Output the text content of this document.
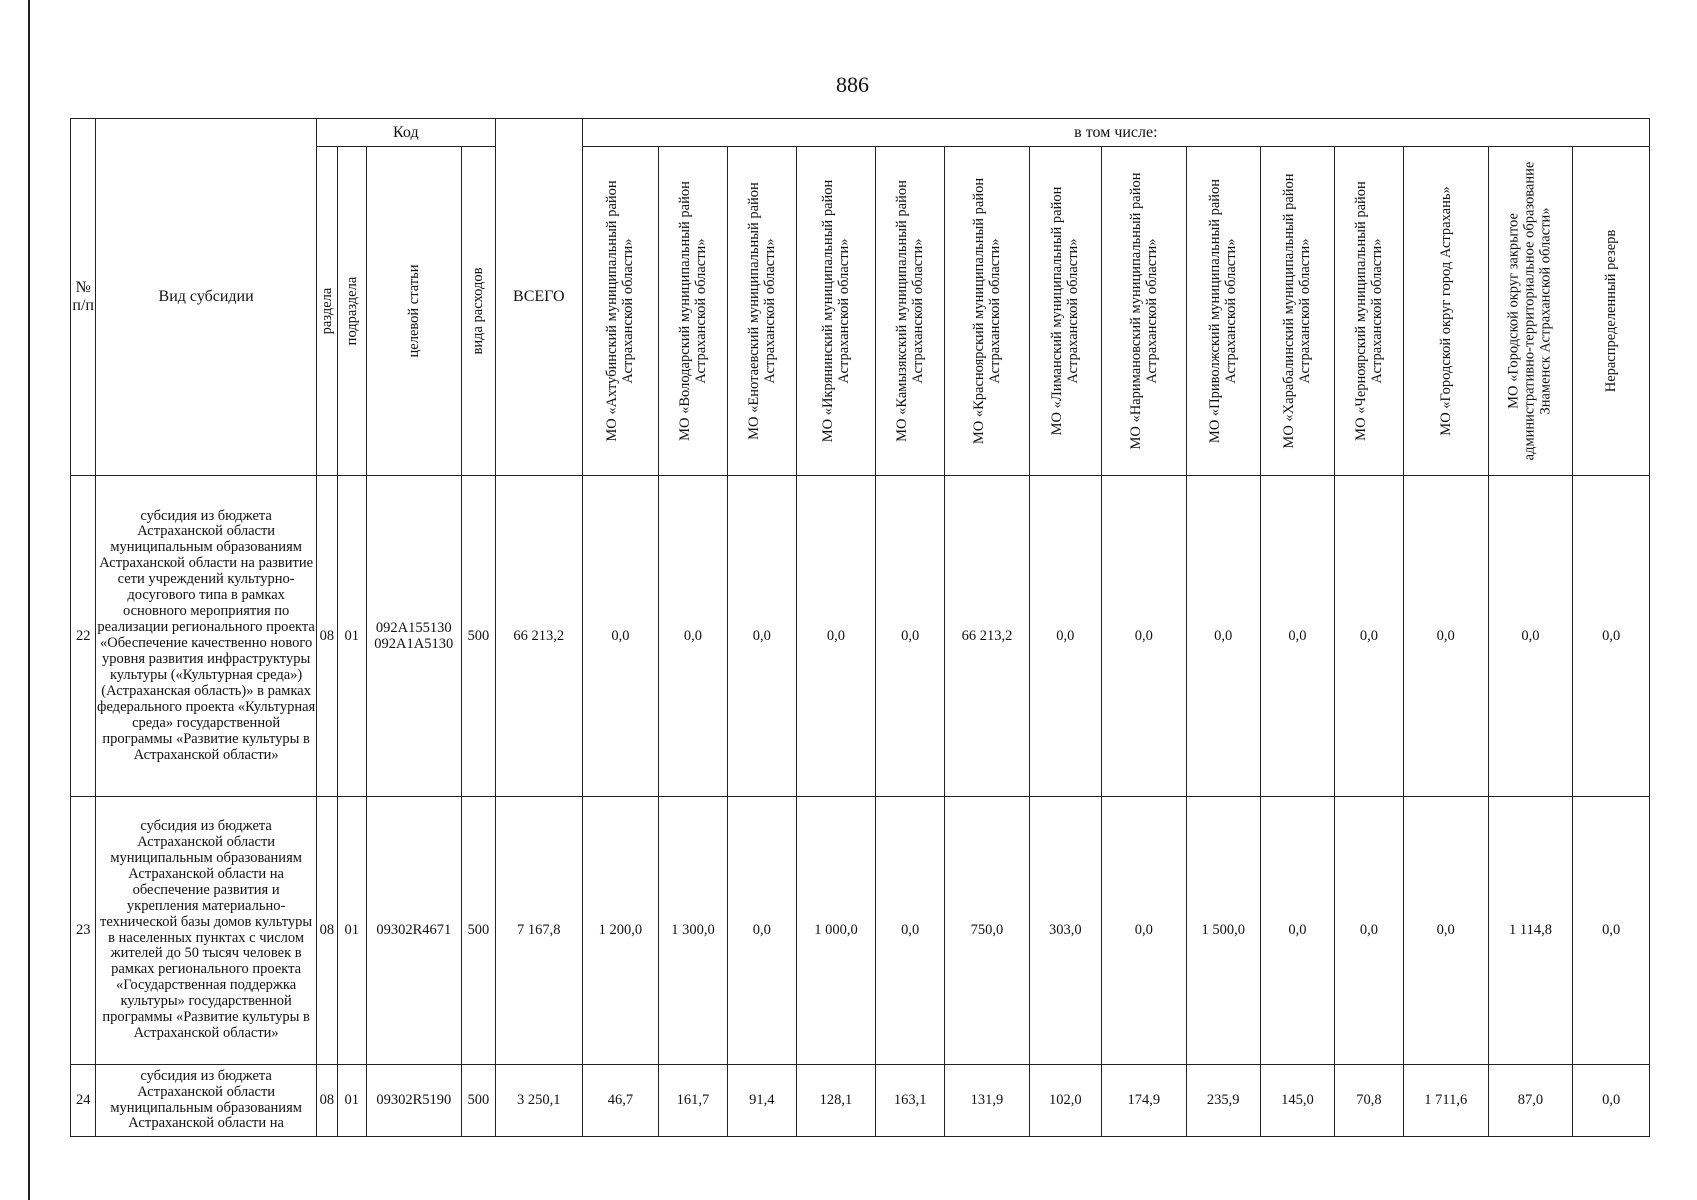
886
№ п/п	Вид субсидии	Код				ВСЕГО	в том числе:													

		раздела	подраздела	целевой статьи	вида расходов		МО «Ахтубинский муниципальный район Астраханской области»	МО «Володарский муниципальный район Астраханской области»	МО «Енотаевский муниципальный район Астраханской области»	МО «Икрянинский муниципальный район Астраханской области»	МО «Камызякский муниципальный район Астраханской области»	МО «Красноярский муниципальный район Астраханской области»	МО «Лиманский муниципальный район Астраханской области»	МО «Наримановский муниципальный район Астраханской области»	МО «Приволжский муниципальный район Астраханской области»	МО «Харабалинский муниципальный район Астраханской области»	МО «Черноярский муниципальный район Астраханской области»	МО «Городской округ город Астрахань»	МО «Городской округ закрытое административно-территориальное образование Знаменск Астраханской области»	Нераспределенный резерв

22	субсидия из бюджета Астраханской области муниципальным образованиям Астраханской области на развитие сети учреждений культурно-досугового типа в рамках основного мероприятия по реализации регионального проекта «Обеспечение качественно нового уровня развития инфраструктуры культуры («Культурная среда») (Астраханская область)» в рамках федерального проекта «Культурная среда» государственной программы «Развитие культуры в Астраханской области»	08	01	092A155130 092A1A5130	500	66 213,2	0,0	0,0	0,0	0,0	0,0	66 213,2	0,0	0,0	0,0	0,0	0,0	0,0	0,0	0,0
23	субсидия из бюджета Астраханской области муниципальным образованиям Астраханской области на обеспечение развития и укрепления материально-технической базы домов культуры в населенных пунктах с числом жителей до 50 тысяч человек в рамках регионального проекта «Государственная поддержка культуры» государственной программы «Развитие культуры в Астраханской области»	08	01	09302R4671	500	7 167,8	1 200,0	1 300,0	0,0	1 000,0	0,0	750,0	303,0	0,0	1 500,0	0,0	0,0	0,0	1 114,8	0,0
24	субсидия из бюджета Астраханской области муниципальным образованиям Астраханской области на	08	01	09302R5190	500	3 250,1	46,7	161,7	91,4	128,1	163,1	131,9	102,0	174,9	235,9	145,0	70,8	1 711,6	87,0	0,0
